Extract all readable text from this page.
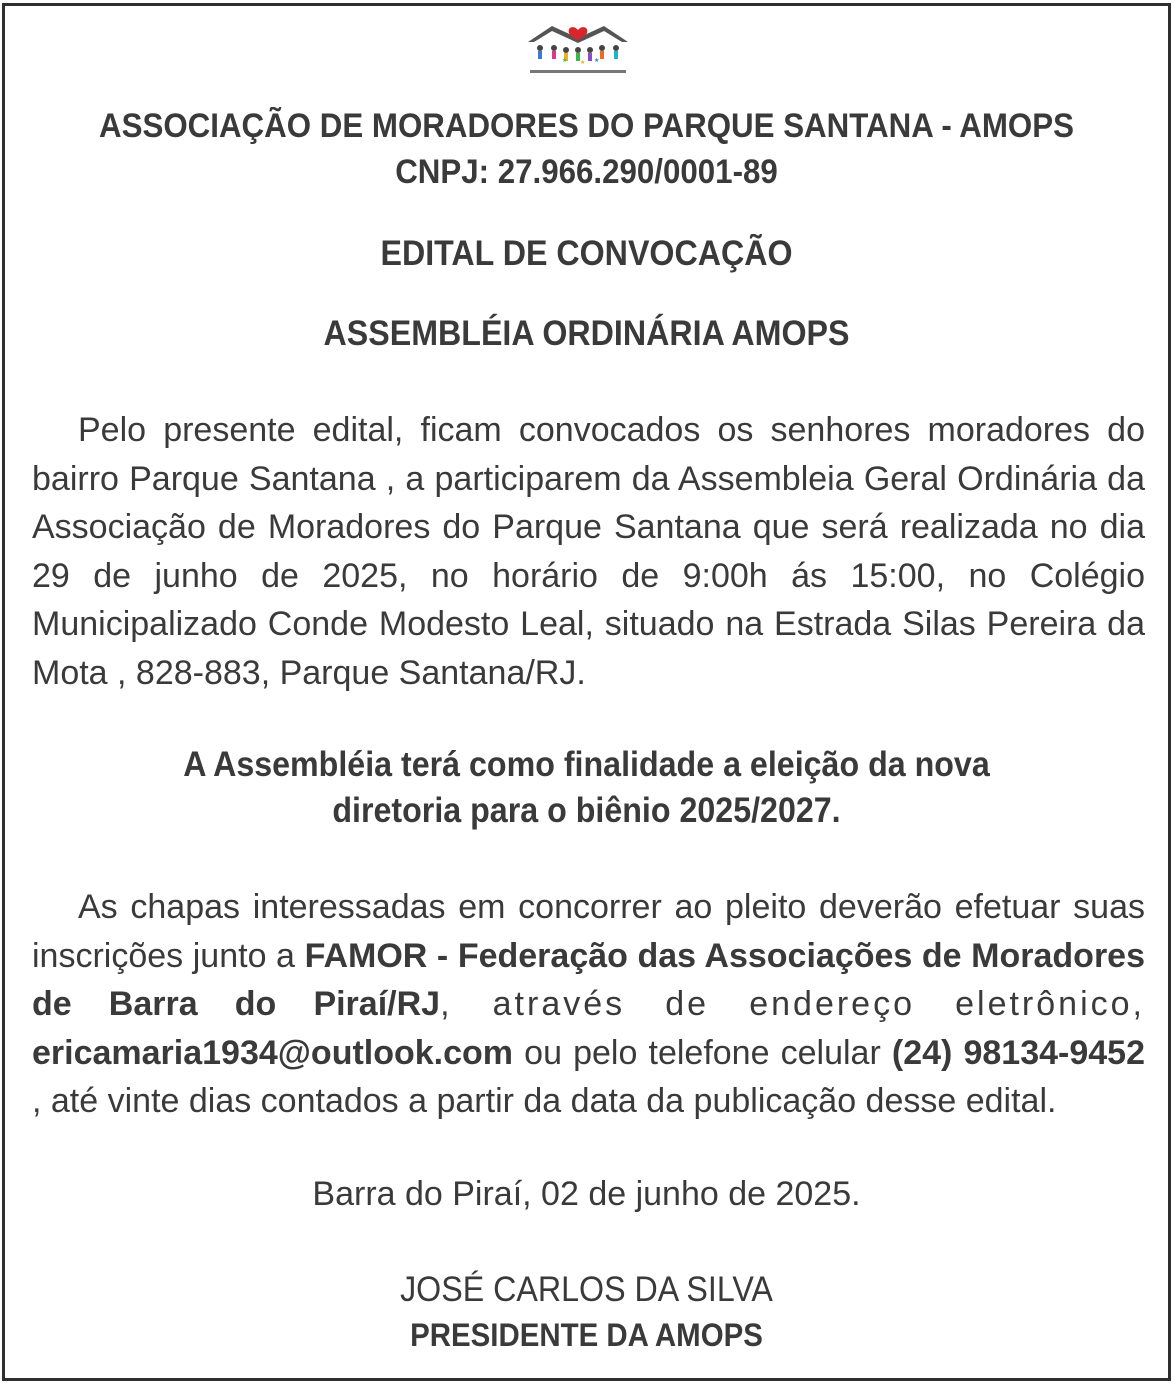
★ ★ ★
ASSOCIAÇÃO DE MORADORES DO PARQUE SANTANA - AMOPS
CNPJ: 27.966.290/0001-89
EDITAL DE CONVOCAÇÃO
ASSEMBLÉIA ORDINÁRIA AMOPS
Pelo presente edital, ficam convocados os senhores moradores do bairro Parque Santana , a participarem da Assembleia Geral Ordinária da Associação de Moradores do Parque Santana que será realizada no dia 29 de junho de 2025, no horário de 9:00h ás 15:00, no Colégio Municipalizado Conde Modesto Leal, situado na Estrada Silas Pereira da Mota , 828-883, Parque Santana/RJ.
A Assembléia terá como finalidade a eleição da nova
diretoria para o biênio 2025/2027.
As chapas interessadas em concorrer ao pleito deverão efetuar suas inscrições junto a FAMOR - Federação das Associações de Moradores de Barra do Piraí/RJ, através de endereço eletrônico, ericamaria1934@outlook.com ou pelo telefone celular (24) 98134-9452 , até vinte dias contados a partir da data da publicação desse edital.
Barra do Piraí, 02 de junho de 2025.
JOSÉ CARLOS DA SILVA
PRESIDENTE DA AMOPS
